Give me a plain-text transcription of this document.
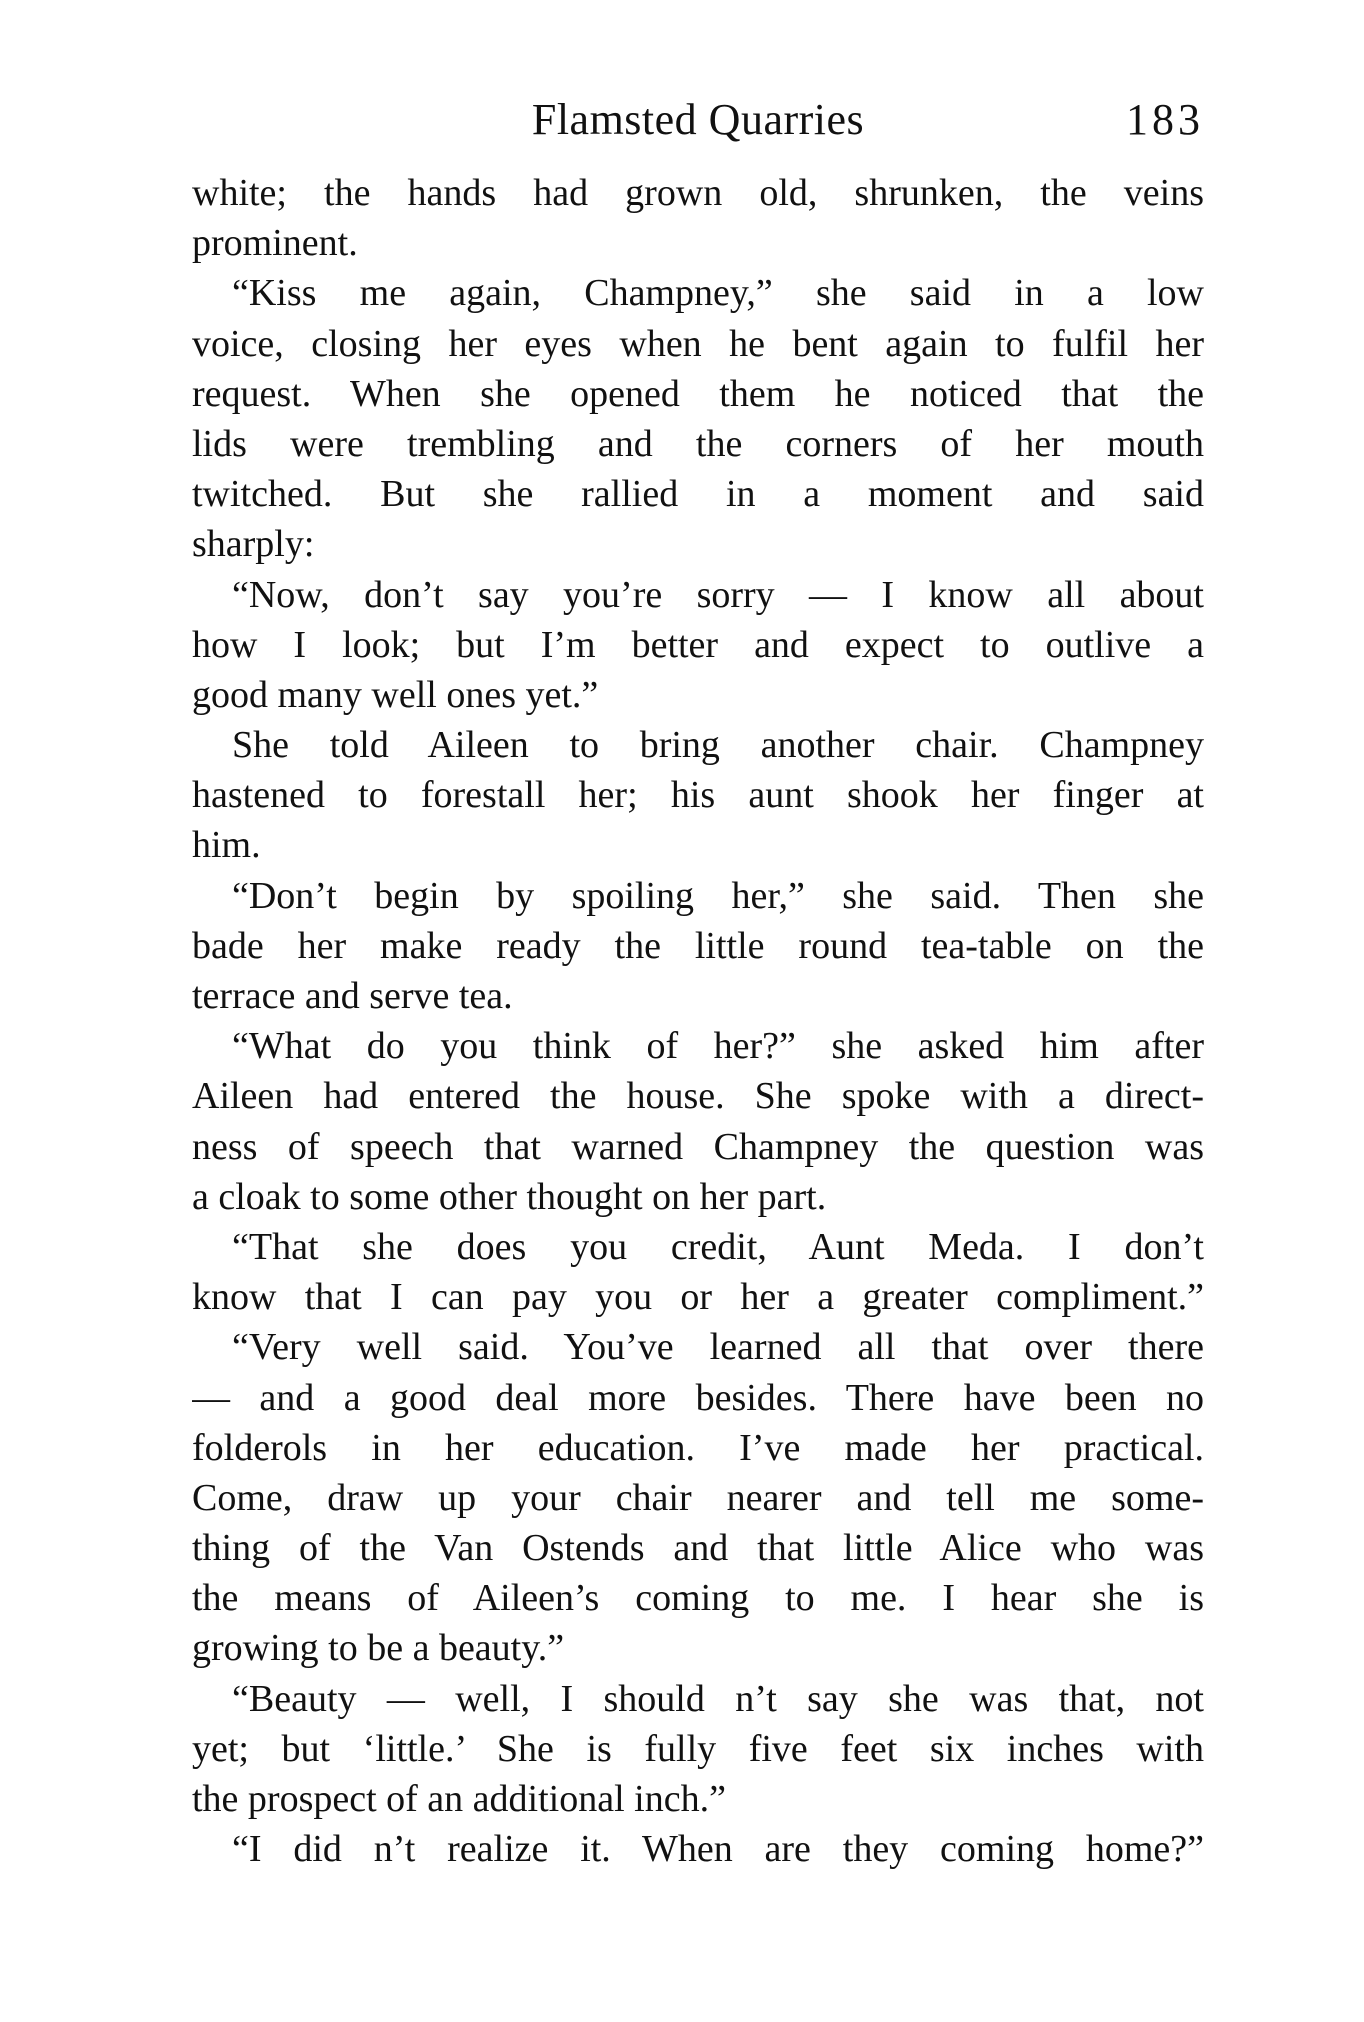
Flamsted Quarries	183
white; the hands had grown old, shrunken, the veins
prominent.
“Kiss me again, Champney,” she said in a low
voice, closing her eyes when he bent again to fulfil her
request. When she opened them he noticed that the
lids were trembling and the corners of her mouth
twitched. But she rallied in a moment and said
sharply:
“Now, don’t say you’re sorry — I know all about
how I look; but I’m better and expect to outlive a
good many well ones yet.”
She told Aileen to bring another chair. Champney
hastened to forestall her; his aunt shook her finger at
him.
“Don’t begin by spoiling her,” she said. Then she
bade her make ready the little round tea-table on the
terrace and serve tea.
“What do you think of her?” she asked him after
Aileen had entered the house. She spoke with a direct-
ness of speech that warned Champney the question was
a cloak to some other thought on her part.
“That she does you credit, Aunt Meda. I don’t
know that I can pay you or her a greater compliment.”
“Very well said. You’ve learned all that over there
— and a good deal more besides. There have been no
folderols in her education. I’ve made her practical.
Come, draw up your chair nearer and tell me some-
thing of the Van Ostends and that little Alice who was
the means of Aileen’s coming to me. I hear she is
growing to be a beauty.”
“Beauty — well, I should n’t say she was that, not
yet; but ‘little.’ She is fully five feet six inches with
the prospect of an additional inch.”
“I did n’t realize it. When are they coming home?”
